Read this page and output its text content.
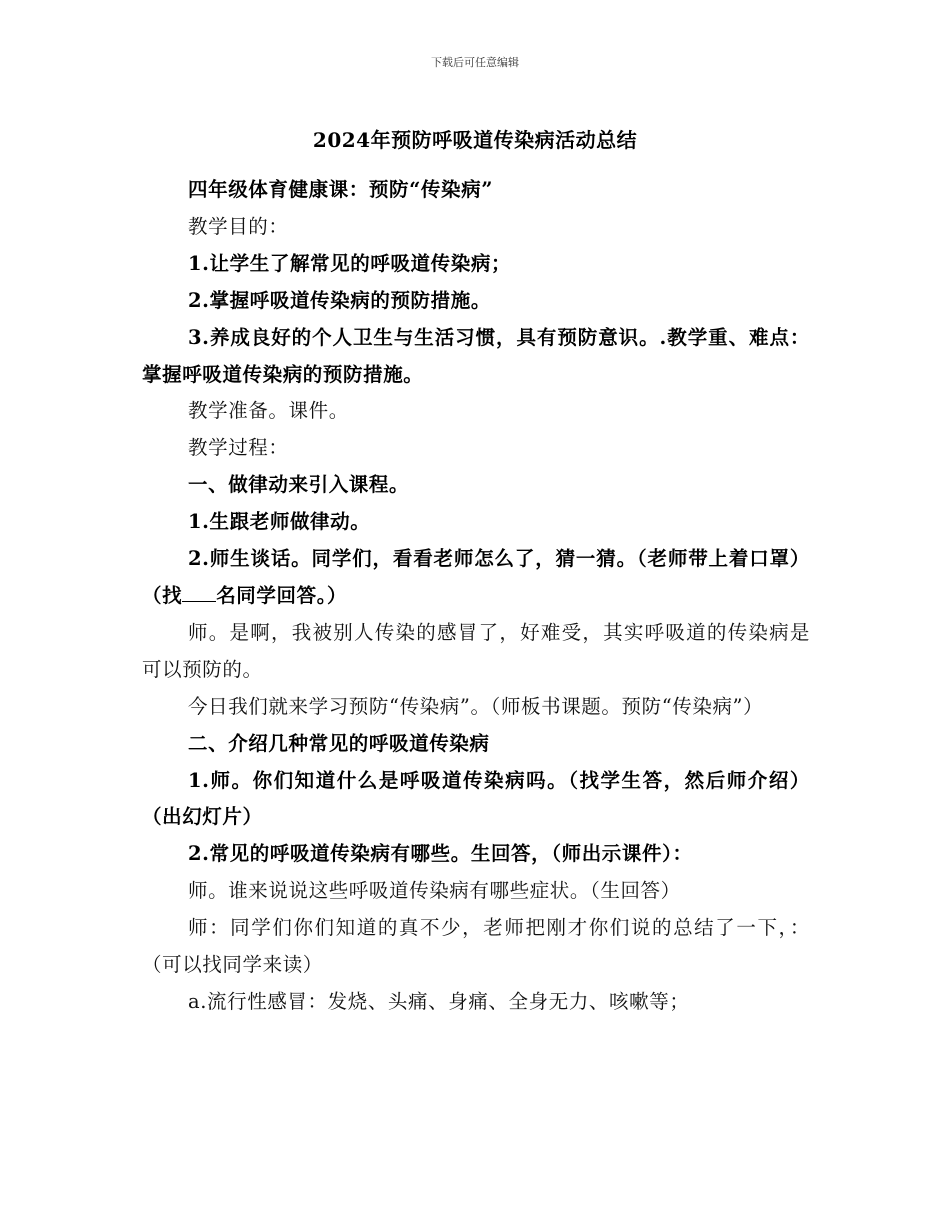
下载后可任意编辑
2024年预防呼吸道传染病活动总结

四年级体育健康课：预防“传染病”

教学目的：

1.让学生了解常见的呼吸道传染病；

2.掌握呼吸道传染病的预防措施。

3.养成良好的个人卫生与生活习惯，具有预防意识。.教学重、难点：掌握呼吸道传染病的预防措施。

教学准备。课件。

教学过程：

一、做律动来引入课程。

1.生跟老师做律动。

2.师生谈话。同学们，看看老师怎么了，猜一猜。（老师带上着口罩）（找 名同学回答。）

师。是啊，我被别人传染的感冒了，好难受，其实呼吸道的传染病是可以预防的。

今日我们就来学习预防“传染病”。（师板书课题。预防“传染病”）

二、介绍几种常见的呼吸道传染病

1.师。你们知道什么是呼吸道传染病吗。（找学生答，然后师介绍）（出幻灯片）

2.常见的呼吸道传染病有哪些。生回答，（师出示课件）：

师。谁来说说这些呼吸道传染病有哪些症状。（生回答）

师：同学们你们知道的真不少，老师把刚才你们说的总结了一下，：（可以找同学来读）

a.流行性感冒：发烧、头痛、身痛、全身无力、咳嗽等；
